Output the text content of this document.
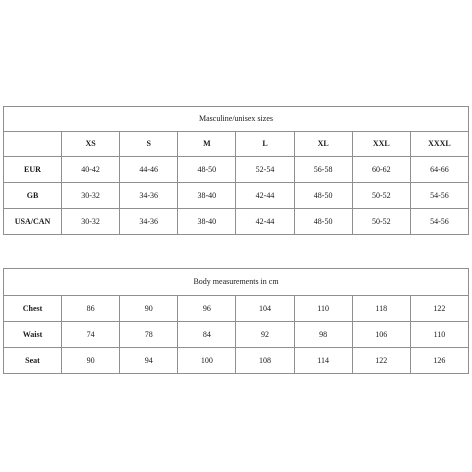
Masculine/unisex sizes							
	XS	S	M	L	XL	XXL	XXXL
EUR	40-42	44-46	48-50	52-54	56-58	60-62	64-66
GB	30-32	34-36	38-40	42-44	48-50	50-52	54-56
USA/CAN	30-32	34-36	38-40	42-44	48-50	50-52	54-56
Body measurements in cm							
Chest	86	90	96	104	110	118	122
Waist	74	78	84	92	98	106	110
Seat	90	94	100	108	114	122	126
